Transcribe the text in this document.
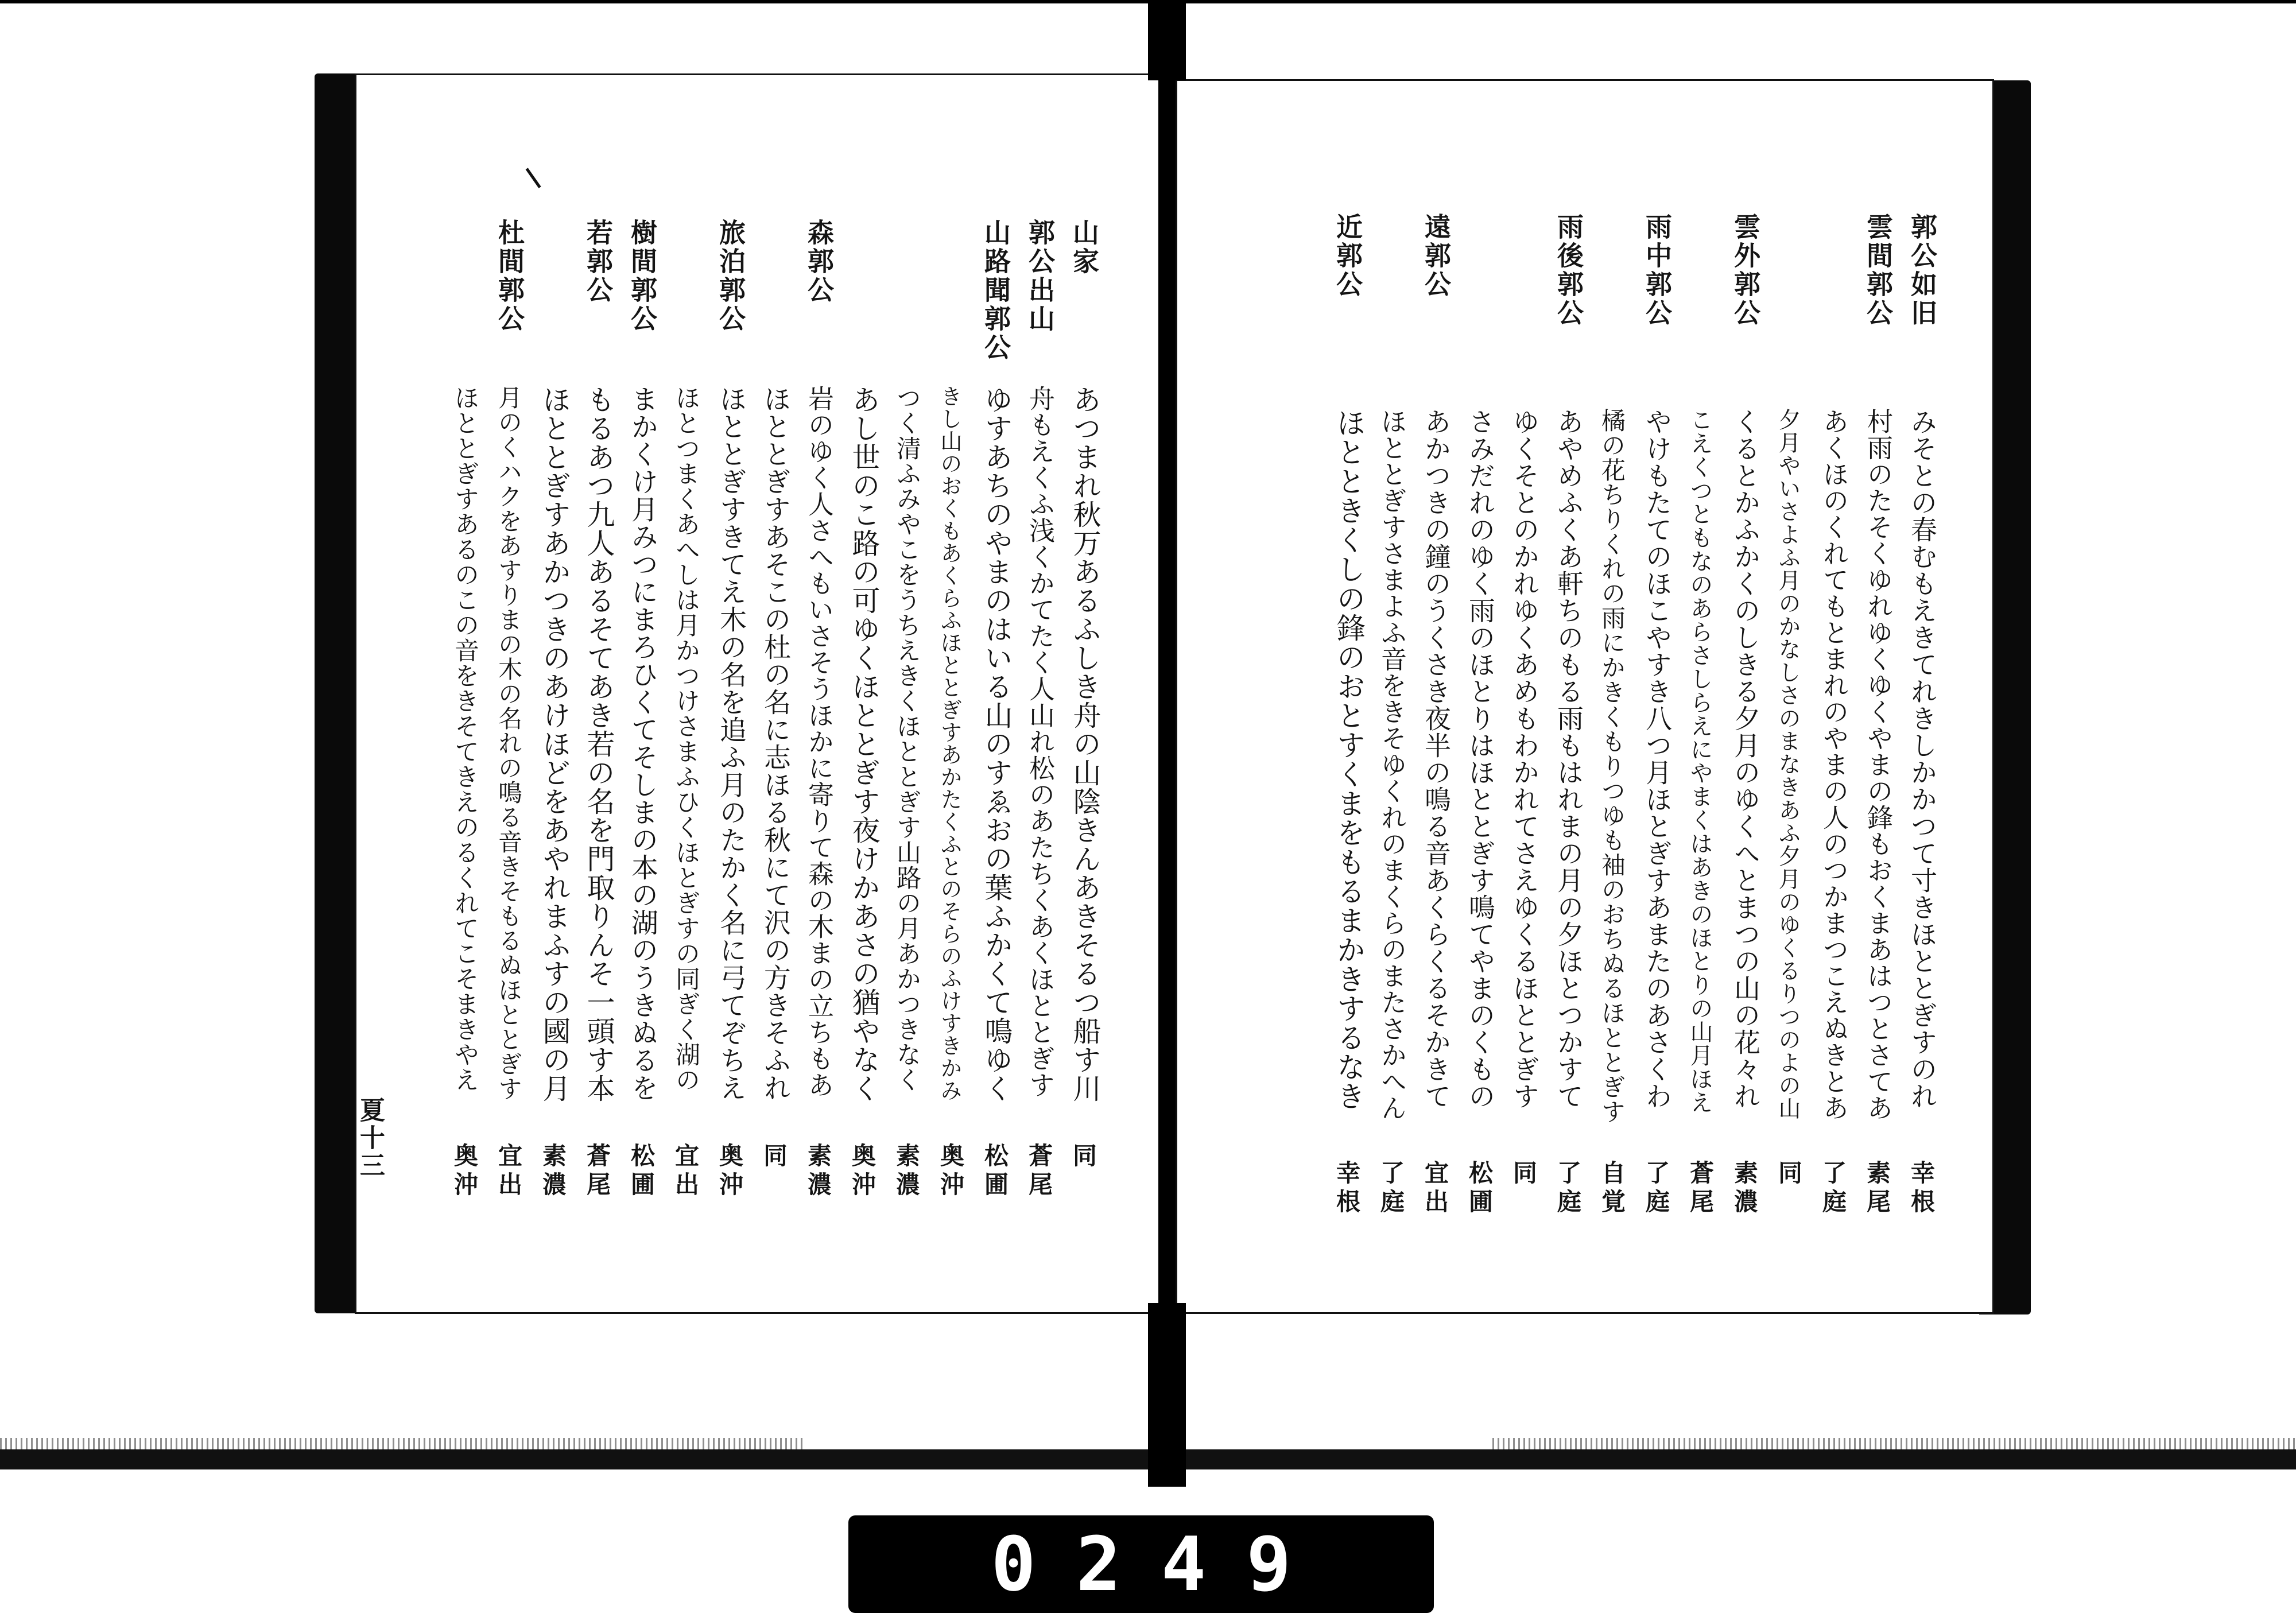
山家
あつまれ秋万あるふしき舟の山陰きんあきそるつ船す川
同
郭公出山
舟もえくふ浅くかてたく人山れ松のあたちくあくほととぎす
蒼尾
山路聞郭公
ゆすあちのやまのはいる山のすゑおの葉ふかくて鳴ゆく
松圃
きし山のおくもあくらふほととぎすあかたくふとのそらのふけすきかみ
奥沖
つく清ふみやこをうちえきくほととぎす山路の月あかつきなく
素濃
あし世のこ路の可ゆくほととぎす夜けかあさの猶やなく
奥沖
森郭公
岩のゆく人さへもいさそうほかに寄りて森の木まの立ちもあ
素濃
ほととぎすあそこの杜の名に志ほる秋にて沢の方きそふれ
同
旅泊郭公
ほととぎすきてえ木の名を追ふ月のたかく名に弓てぞちえ
奥沖
ほとつまくあへしは月かつけさまふひくほとぎすの同ぎく湖の
宜出
樹間郭公
まかくけ月みつにまろひくてそしまの本の湖のうきぬるを
松圃
若郭公
もるあつ九人あるそてあき若の名を門取りんそ一頭す本
蒼尾
ほととぎすあかつきのあけほどをあやれまふすの國の月
素濃
杜間郭公
月のくハクをあすりまの木の名れの鳴る音きそもるぬほととぎす
宜出
ほととぎすあるのこの音をきそてきえのるくれてこそまきやえ
奥沖
夏十三
郭公如旧
みそとの春むもえきてれきしかかつて寸きほととぎすのれ
幸根
雲間郭公
村雨のたそくゆれゆくゆくやまの鋒もおくまあはつとさてあ
素尾
あくほのくれてもとまれのやまの人のつかまつこえぬきとあ
了庭
夕月やいさよふ月のかなしさのまなきあふ夕月のゆくるりつのよの山
同
雲外郭公
くるとかふかくのしきる夕月のゆくへとまつの山の花々れ
素濃
こえくつともなのあらさしらえにやまくはあきのほとりの山月ほえ
蒼尾
雨中郭公
やけもたてのほこやすき八つ月ほとぎすあまたのあさくわ
了庭
橘の花ちりくれの雨にかきくもりつゆも袖のおちぬるほととぎす
自覚
雨後郭公
あやめふくあ軒ちのもる雨もはれまの月の夕ほとつかすて
了庭
ゆくそとのかれゆくあめもわかれてさえゆくるほととぎす
同
さみだれのゆく雨のほとりはほととぎす鳴てやまのくもの
松圃
遠郭公
あかつきの鐘のうくさき夜半の鳴る音あくらくるそかきて
宜出
ほととぎすさまよふ音をきそゆくれのまくらのまたさかへん
了庭
近郭公
ほとときくしの鋒のおとすくまをもるまかきするなき
幸根
0249
